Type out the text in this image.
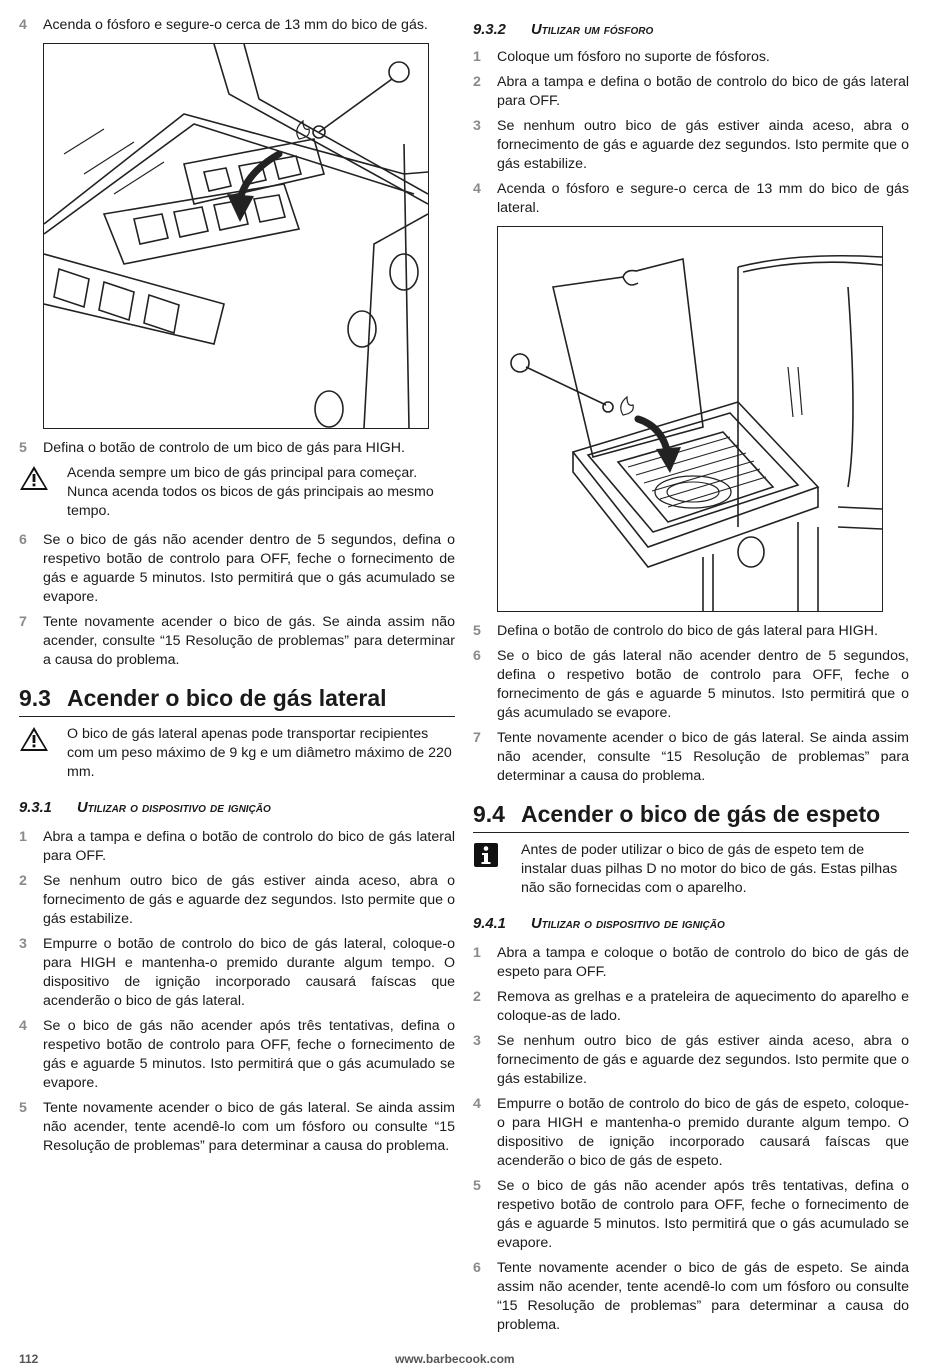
4	Acenda o fósforo e segure-o cerca de 13 mm do bico de gás.
5	Defina o botão de controlo de um bico de gás para HIGH.
Acenda sempre um bico de gás principal para começar. Nunca acenda todos os bicos de gás principais ao mesmo tempo.
6	Se o bico de gás não acender dentro de 5 segundos, defina o respetivo botão de controlo para OFF, feche o fornecimento de gás e aguarde 5 minutos. Isto permitirá que o gás acumulado se evapore.
7	Tente novamente acender o bico de gás. Se ainda assim não acender, consulte “15 Resolução de problemas” para determinar a causa do problema.
9.3 Acender o bico de gás lateral
O bico de gás lateral apenas pode transportar recipientes com um peso máximo de 9 kg e um diâmetro máximo de 220 mm.
9.3.1	Utilizar o dispositivo de ignição
1	Abra a tampa e defina o botão de controlo do bico de gás lateral para OFF.
2	Se nenhum outro bico de gás estiver ainda aceso, abra o fornecimento de gás e aguarde dez segundos. Isto permite que o gás estabilize.
3	Empurre o botão de controlo do bico de gás lateral, coloque-o para HIGH e mantenha-o premido durante algum tempo. O dispositivo de ignição incorporado causará faíscas que acenderão o bico de gás lateral.
4	Se o bico de gás não acender após três tentativas, defina o respetivo botão de controlo para OFF, feche o fornecimento de gás e aguarde 5 minutos. Isto permitirá que o gás acumulado se evapore.
5	Tente novamente acender o bico de gás lateral. Se ainda assim não acender, tente acendê-lo com um fósforo ou consulte “15 Resolução de problemas” para determinar a causa do problema.
9.3.2	Utilizar um fósforo
1	Coloque um fósforo no suporte de fósforos.
2	Abra a tampa e defina o botão de controlo do bico de gás lateral para OFF.
3	Se nenhum outro bico de gás estiver ainda aceso, abra o fornecimento de gás e aguarde dez segundos. Isto permite que o gás estabilize.
4	Acenda o fósforo e segure-o cerca de 13 mm do bico de gás lateral.
5	Defina o botão de controlo do bico de gás lateral para HIGH.
6	Se o bico de gás lateral não acender dentro de 5 segundos, defina o respetivo botão de controlo para OFF, feche o fornecimento de gás e aguarde 5 minutos. Isto permitirá que o gás acumulado se evapore.
7	Tente novamente acender o bico de gás lateral. Se ainda assim não acender, consulte “15 Resolução de problemas” para determinar a causa do problema.
9.4 Acender o bico de gás de espeto
Antes de poder utilizar o bico de gás de espeto tem de instalar duas pilhas D no motor do bico de gás. Estas pilhas não são fornecidas com o aparelho.
9.4.1	Utilizar o dispositivo de ignição
1	Abra a tampa e coloque o botão de controlo do bico de gás de espeto para OFF.
2	Remova as grelhas e a prateleira de aquecimento do aparelho e coloque-as de lado.
3	Se nenhum outro bico de gás estiver ainda aceso, abra o fornecimento de gás e aguarde dez segundos. Isto permite que o gás estabilize.
4	Empurre o botão de controlo do bico de gás de espeto, coloque-o para HIGH e mantenha-o premido durante algum tempo. O dispositivo de ignição incorporado causará faíscas que acenderão o bico de gás de espeto.
5	Se o bico de gás não acender após três tentativas, defina o respetivo botão de controlo para OFF, feche o fornecimento de gás e aguarde 5 minutos. Isto permitirá que o gás acumulado se evapore.
6	Tente novamente acender o bico de gás de espeto. Se ainda assim não acender, tente acendê-lo com um fósforo ou consulte “15 Resolução de problemas” para determinar a causa do problema.
112	www.barbecook.com
